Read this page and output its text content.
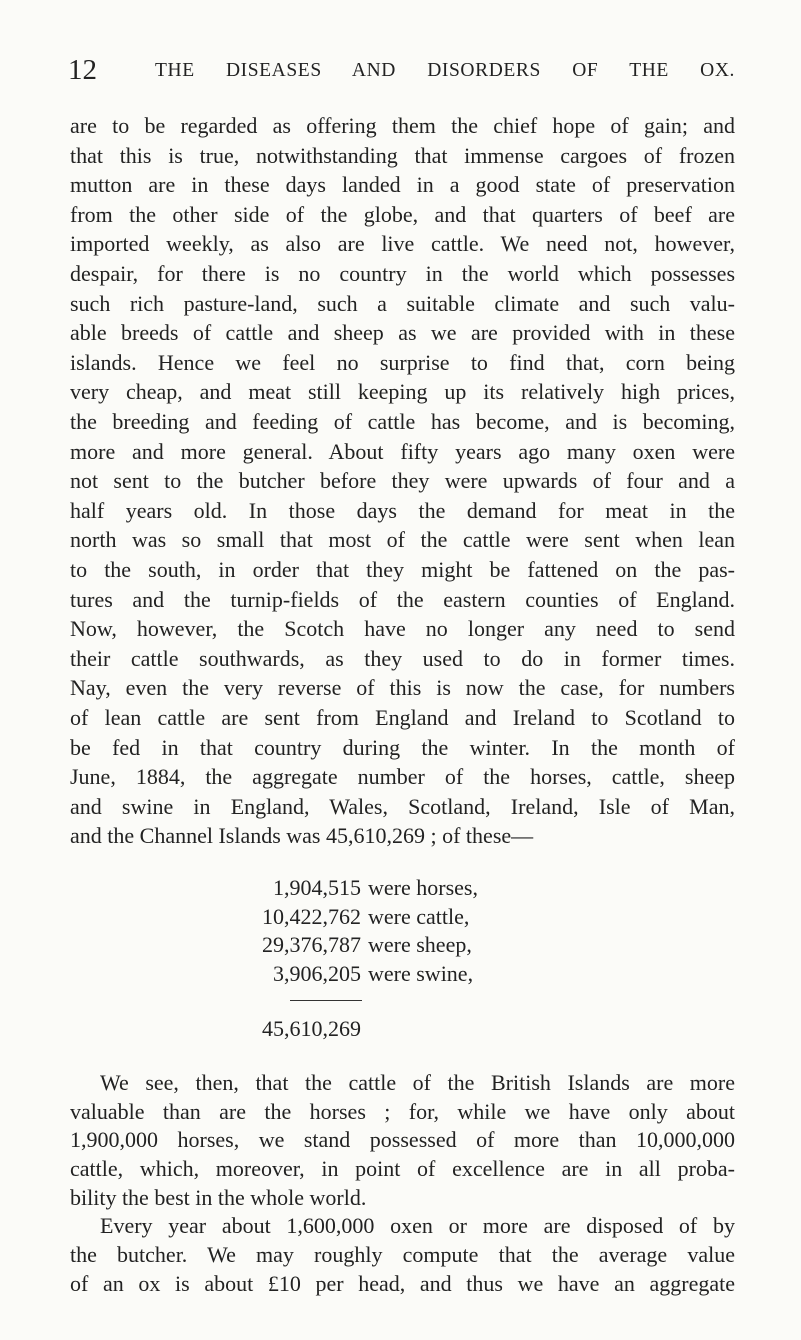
12	THE DISEASES AND DISORDERS OF THE OX.
are to be regarded as offering them the chief hope of gain; and
that this is true, notwithstanding that immense cargoes of frozen
mutton are in these days landed in a good state of preservation
from the other side of the globe, and that quarters of beef are
imported weekly, as also are live cattle. We need not, however,
despair, for there is no country in the world which possesses
such rich pasture-land, such a suitable climate and such valu-
able breeds of cattle and sheep as we are provided with in these
islands. Hence we feel no surprise to find that, corn being
very cheap, and meat still keeping up its relatively high prices,
the breeding and feeding of cattle has become, and is becoming,
more and more general. About fifty years ago many oxen were
not sent to the butcher before they were upwards of four and a
half years old. In those days the demand for meat in the
north was so small that most of the cattle were sent when lean
to the south, in order that they might be fattened on the pas-
tures and the turnip-fields of the eastern counties of England.
Now, however, the Scotch have no longer any need to send
their cattle southwards, as they used to do in former times.
Nay, even the very reverse of this is now the case, for numbers
of lean cattle are sent from England and Ireland to Scotland to
be fed in that country during the winter. In the month of
June, 1884, the aggregate number of the horses, cattle, sheep
and swine in England, Wales, Scotland, Ireland, Isle of Man,
and the Channel Islands was 45,610,269 ; of these—
We see, then, that the cattle of the British Islands are more
valuable than are the horses ; for, while we have only about
1,900,000 horses, we stand possessed of more than 10,000,000
cattle, which, moreover, in point of excellence are in all proba-
bility the best in the whole world.
Every year about 1,600,000 oxen or more are disposed of by
the butcher. We may roughly compute that the average value
of an ox is about £10 per head, and thus we have an aggregate
1,904,515 were horses,
10,422,762 were cattle,
29,376,787 were sheep,
3,906,205 were swine,
45,610,269
